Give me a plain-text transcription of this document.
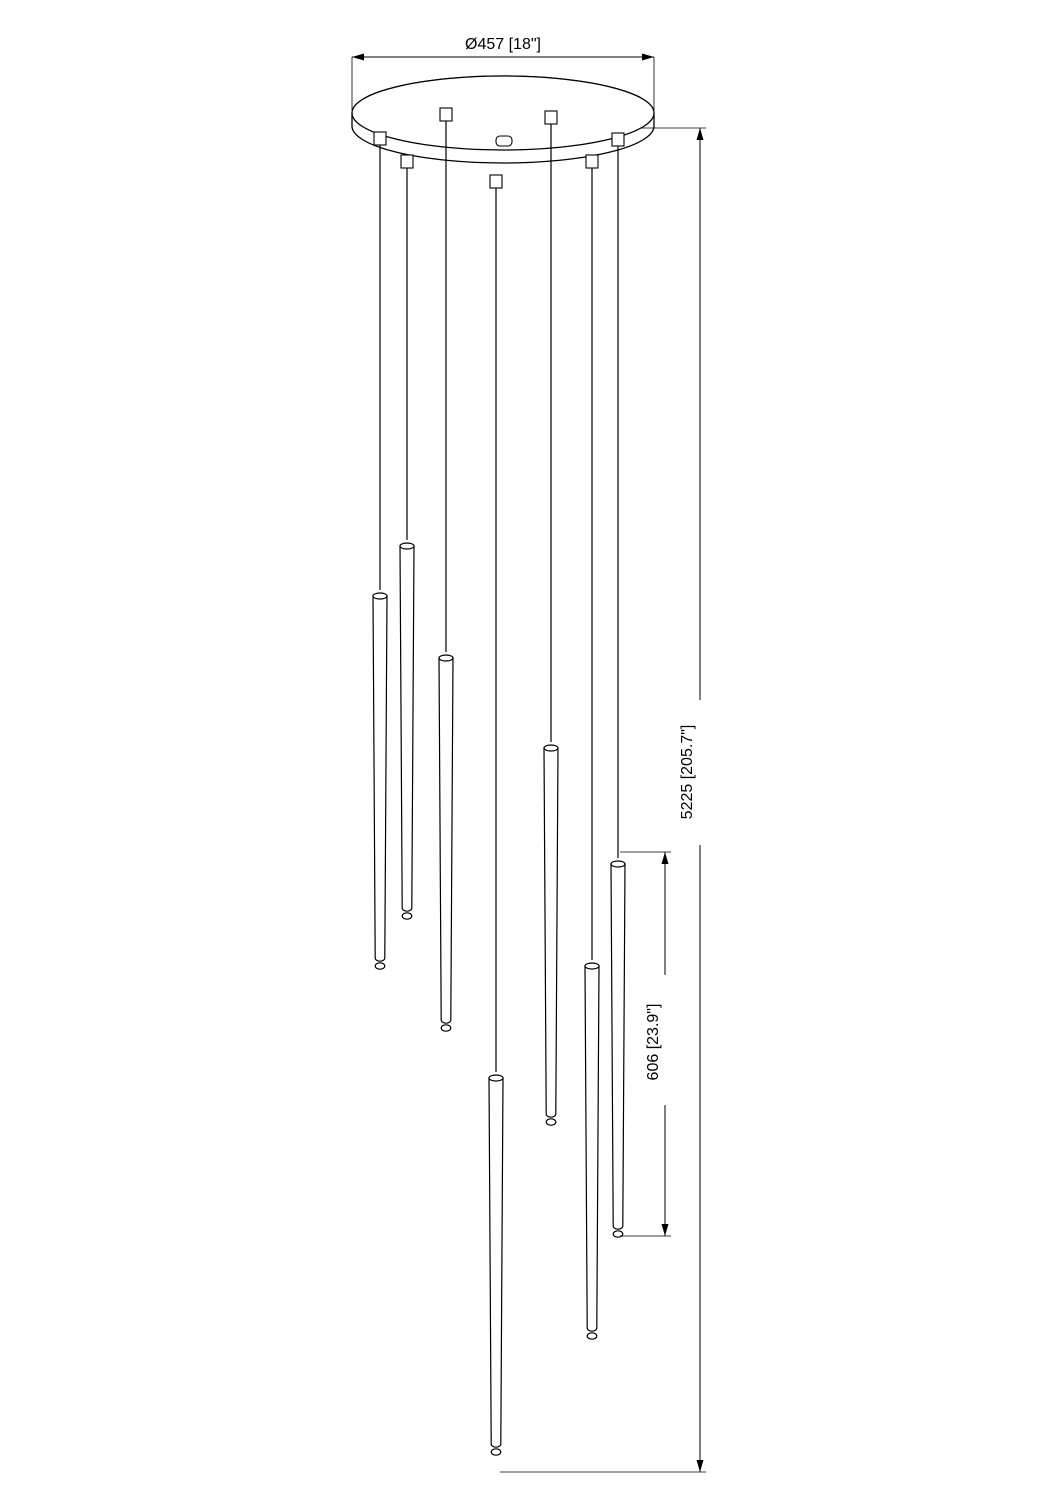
Ø457 [18"]
5225 [205.7"]
606 [23.9"]
